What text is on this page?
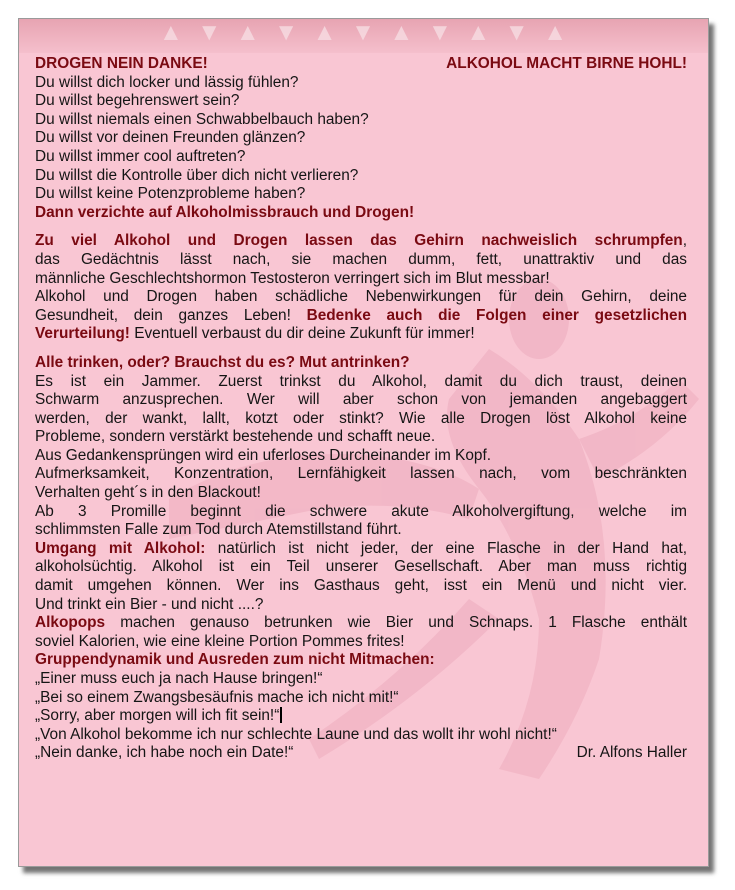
▲ ▼ ▲ ▼ ▲ ▼ ▲ ▼ ▲ ▼ ▲
DROGEN NEIN DANKE!	ALKOHOL MACHT BIRNE HOHL!
Du willst dich locker und lässig fühlen?
Du willst begehrenswert sein?
Du willst niemals einen Schwabbelbauch haben?
Du willst vor deinen Freunden glänzen?
Du willst immer cool auftreten?
Du willst die Kontrolle über dich nicht verlieren?
Du willst keine Potenzprobleme haben?
Dann verzichte auf Alkoholmissbrauch und Drogen!
Zu viel Alkohol und Drogen lassen das Gehirn nachweislich schrumpfen,
das Gedächtnis lässt nach, sie machen dumm, fett, unattraktiv und das
männliche Geschlechtshormon Testosteron verringert sich im Blut messbar!
Alkohol und Drogen haben schädliche Nebenwirkungen für dein Gehirn, deine
Gesundheit, dein ganzes Leben! Bedenke auch die Folgen einer gesetzlichen
Verurteilung! Eventuell verbaust du dir deine Zukunft für immer!
Alle trinken, oder? Brauchst du es? Mut antrinken?
Es ist ein Jammer. Zuerst trinkst du Alkohol, damit du dich traust, deinen
Schwarm anzusprechen. Wer will aber schon von jemanden angebaggert
werden, der wankt, lallt, kotzt oder stinkt? Wie alle Drogen löst Alkohol keine
Probleme, sondern verstärkt bestehende und schafft neue.
Aus Gedankensprüngen wird ein uferloses Durcheinander im Kopf.
Aufmerksamkeit, Konzentration, Lernfähigkeit lassen nach, vom beschränkten
Verhalten geht´s in den Blackout!
Ab 3 Promille beginnt die schwere akute Alkoholvergiftung, welche im
schlimmsten Falle zum Tod durch Atemstillstand führt.
Umgang mit Alkohol: natürlich ist nicht jeder, der eine Flasche in der Hand hat,
alkoholsüchtig. Alkohol ist ein Teil unserer Gesellschaft. Aber man muss richtig
damit umgehen können. Wer ins Gasthaus geht, isst ein Menü und nicht vier.
Und trinkt ein Bier - und nicht ....?
Alkopops machen genauso betrunken wie Bier und Schnaps. 1 Flasche enthält
soviel Kalorien, wie eine kleine Portion Pommes frites!
Gruppendynamik und Ausreden zum nicht Mitmachen:
„Einer muss euch ja nach Hause bringen!“
„Bei so einem Zwangsbesäufnis mache ich nicht mit!“
„Sorry, aber morgen will ich fit sein!“
„Von Alkohol bekomme ich nur schlechte Laune und das wollt ihr wohl nicht!“
„Nein danke, ich habe noch ein Date!“	Dr. Alfons Haller
